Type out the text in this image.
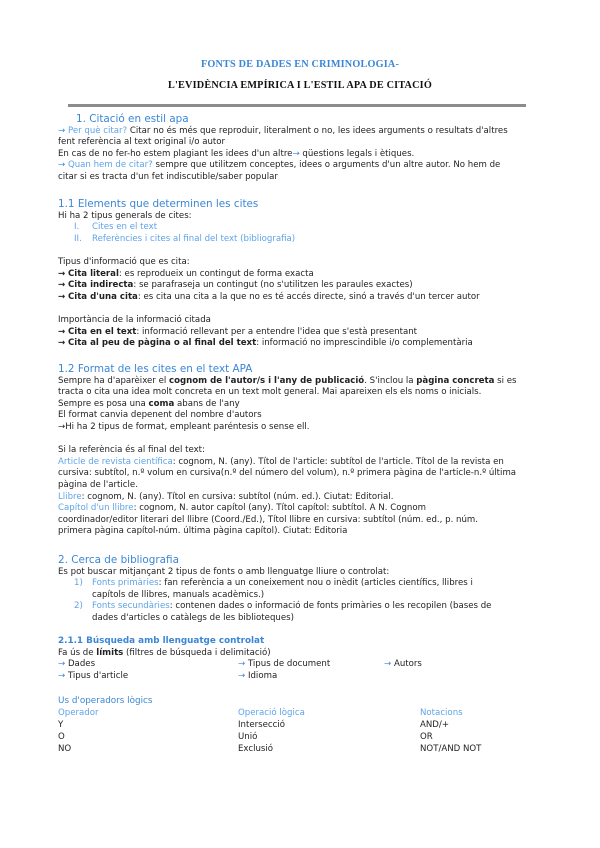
FONTS DE DADES EN CRIMINOLOGIA-
L'EVIDÈNCIA EMPÍRICA I L'ESTIL APA DE CITACIÓ
1. Citació en estil apa
→ Per què citar? Citar no és més que reproduir, literalment o no, les idees arguments o resultats d'altres
fent referència al text original i/o autor
En cas de no fer-ho estem plagiant les idees d'un altre→ qüestions legals i ètiques.
→ Quan hem de citar? sempre que utilitzem conceptes, idees o arguments d'un altre autor. No hem de
citar si es tracta d'un fet indiscutible/saber popular
1.1 Elements que determinen les cites
Hi ha 2 tipus generals de cites:
I. Cites en el text
II. Referències i cites al final del text (bibliografia)
Tipus d'informació que es cita:
→ Cita literal: es reprodueix un contingut de forma exacta
→ Cita indirecta: se parafraseja un contingut (no s'utilitzen les paraules exactes)
→ Cita d'una cita: es cita una cita a la que no es té accés directe, sinó a través d'un tercer autor
Importància de la informació citada
→ Cita en el text: informació rellevant per a entendre l'idea que s'està presentant
→ Cita al peu de pàgina o al final del text: informació no imprescindible i/o complementària
1.2 Format de les cites en el text APA
Sempre ha d'aparèixer el cognom de l'autor/s i l'any de publicació. S'inclou la pàgina concreta si es
tracta o cita una idea molt concreta en un text molt general. Mai apareixen els els noms o inicials.
Sempre es posa una coma abans de l'any
El format canvia depenent del nombre d'autors
→Hi ha 2 tipus de format, empleant paréntesis o sense ell.
Si la referència és al final del text:
Article de revista científica: cognom, N. (any). Títol de l'article: subtítol de l'article. Títol de la revista en
cursiva: subtítol, n.º volum en cursiva(n.º del número del volum), n.º primera pàgina de l'article-n.º última
pàgina de l'article.
Llibre: cognom, N. (any). Títol en cursiva: subtítol (núm. ed.). Ciutat: Editorial.
Capítol d'un llibre: cognom, N. autor capítol (any). Títol capítol: subtítol. A N. Cognom
coordinador/editor literari del llibre (Coord./Ed.), Títol llibre en cursiva: subtítol (núm. ed., p. núm.
primera pàgina capítol-núm. última pàgina capítol). Ciutat: Editoria
2. Cerca de bibliografia
Es pot buscar mitjançant 2 tipus de fonts o amb llenguatge lliure o controlat:
1) Fonts primàries: fan referència a un coneixement nou o inèdit (articles científics, llibres i
capítols de llibres, manuals acadèmics.)
2) Fonts secundàries: contenen dades o informació de fonts primàries o les recopilen (bases de
dades d'articles o catàlegs de les biblioteques)
2.1.1 Búsqueda amb llenguatge controlat
Fa ús de límits (filtres de búsqueda i delimitació)
→ Dades	→ Tipus de document	→ Autors
→ Tipus d'article	→ Idioma
Us d'operadors lògics
Operador	Operació lògica	Notacions
Y	Intersecció	AND/+
O	Unió	OR
NO	Exclusió	NOT/AND NOT
